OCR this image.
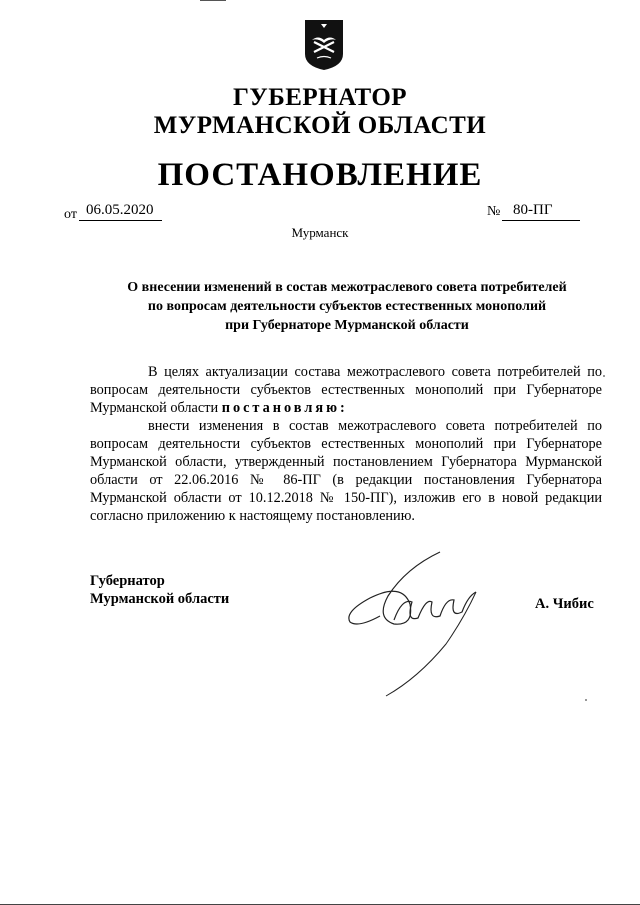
ГУБЕРНАТОР
МУРМАНСКОЙ ОБЛАСТИ
ПОСТАНОВЛЕНИЕ
от 06.05.2020	№ 80-ПГ
Мурманск
О внесении изменений в состав межотраслевого совета потребителей
по вопросам деятельности субъектов естественных монополий
при Губернаторе Мурманской области

В целях актуализации состава межотраслевого совета потребителей по вопросам деятельности субъектов естественных монополий при Губернаторе Мурманской области постановляю:

внести изменения в состав межотраслевого совета потребителей по вопросам деятельности субъектов естественных монополий при Губернаторе Мурманской области, утвержденный постановлением Губернатора Мурманской области от 22.06.2016 № 86-ПГ (в редакции постановления Губернатора Мурманской области от 10.12.2018 № 150-ПГ), изложив его в новой редакции согласно приложению к настоящему постановлению.

Губернатор
Мурманской области	А. Чибис
